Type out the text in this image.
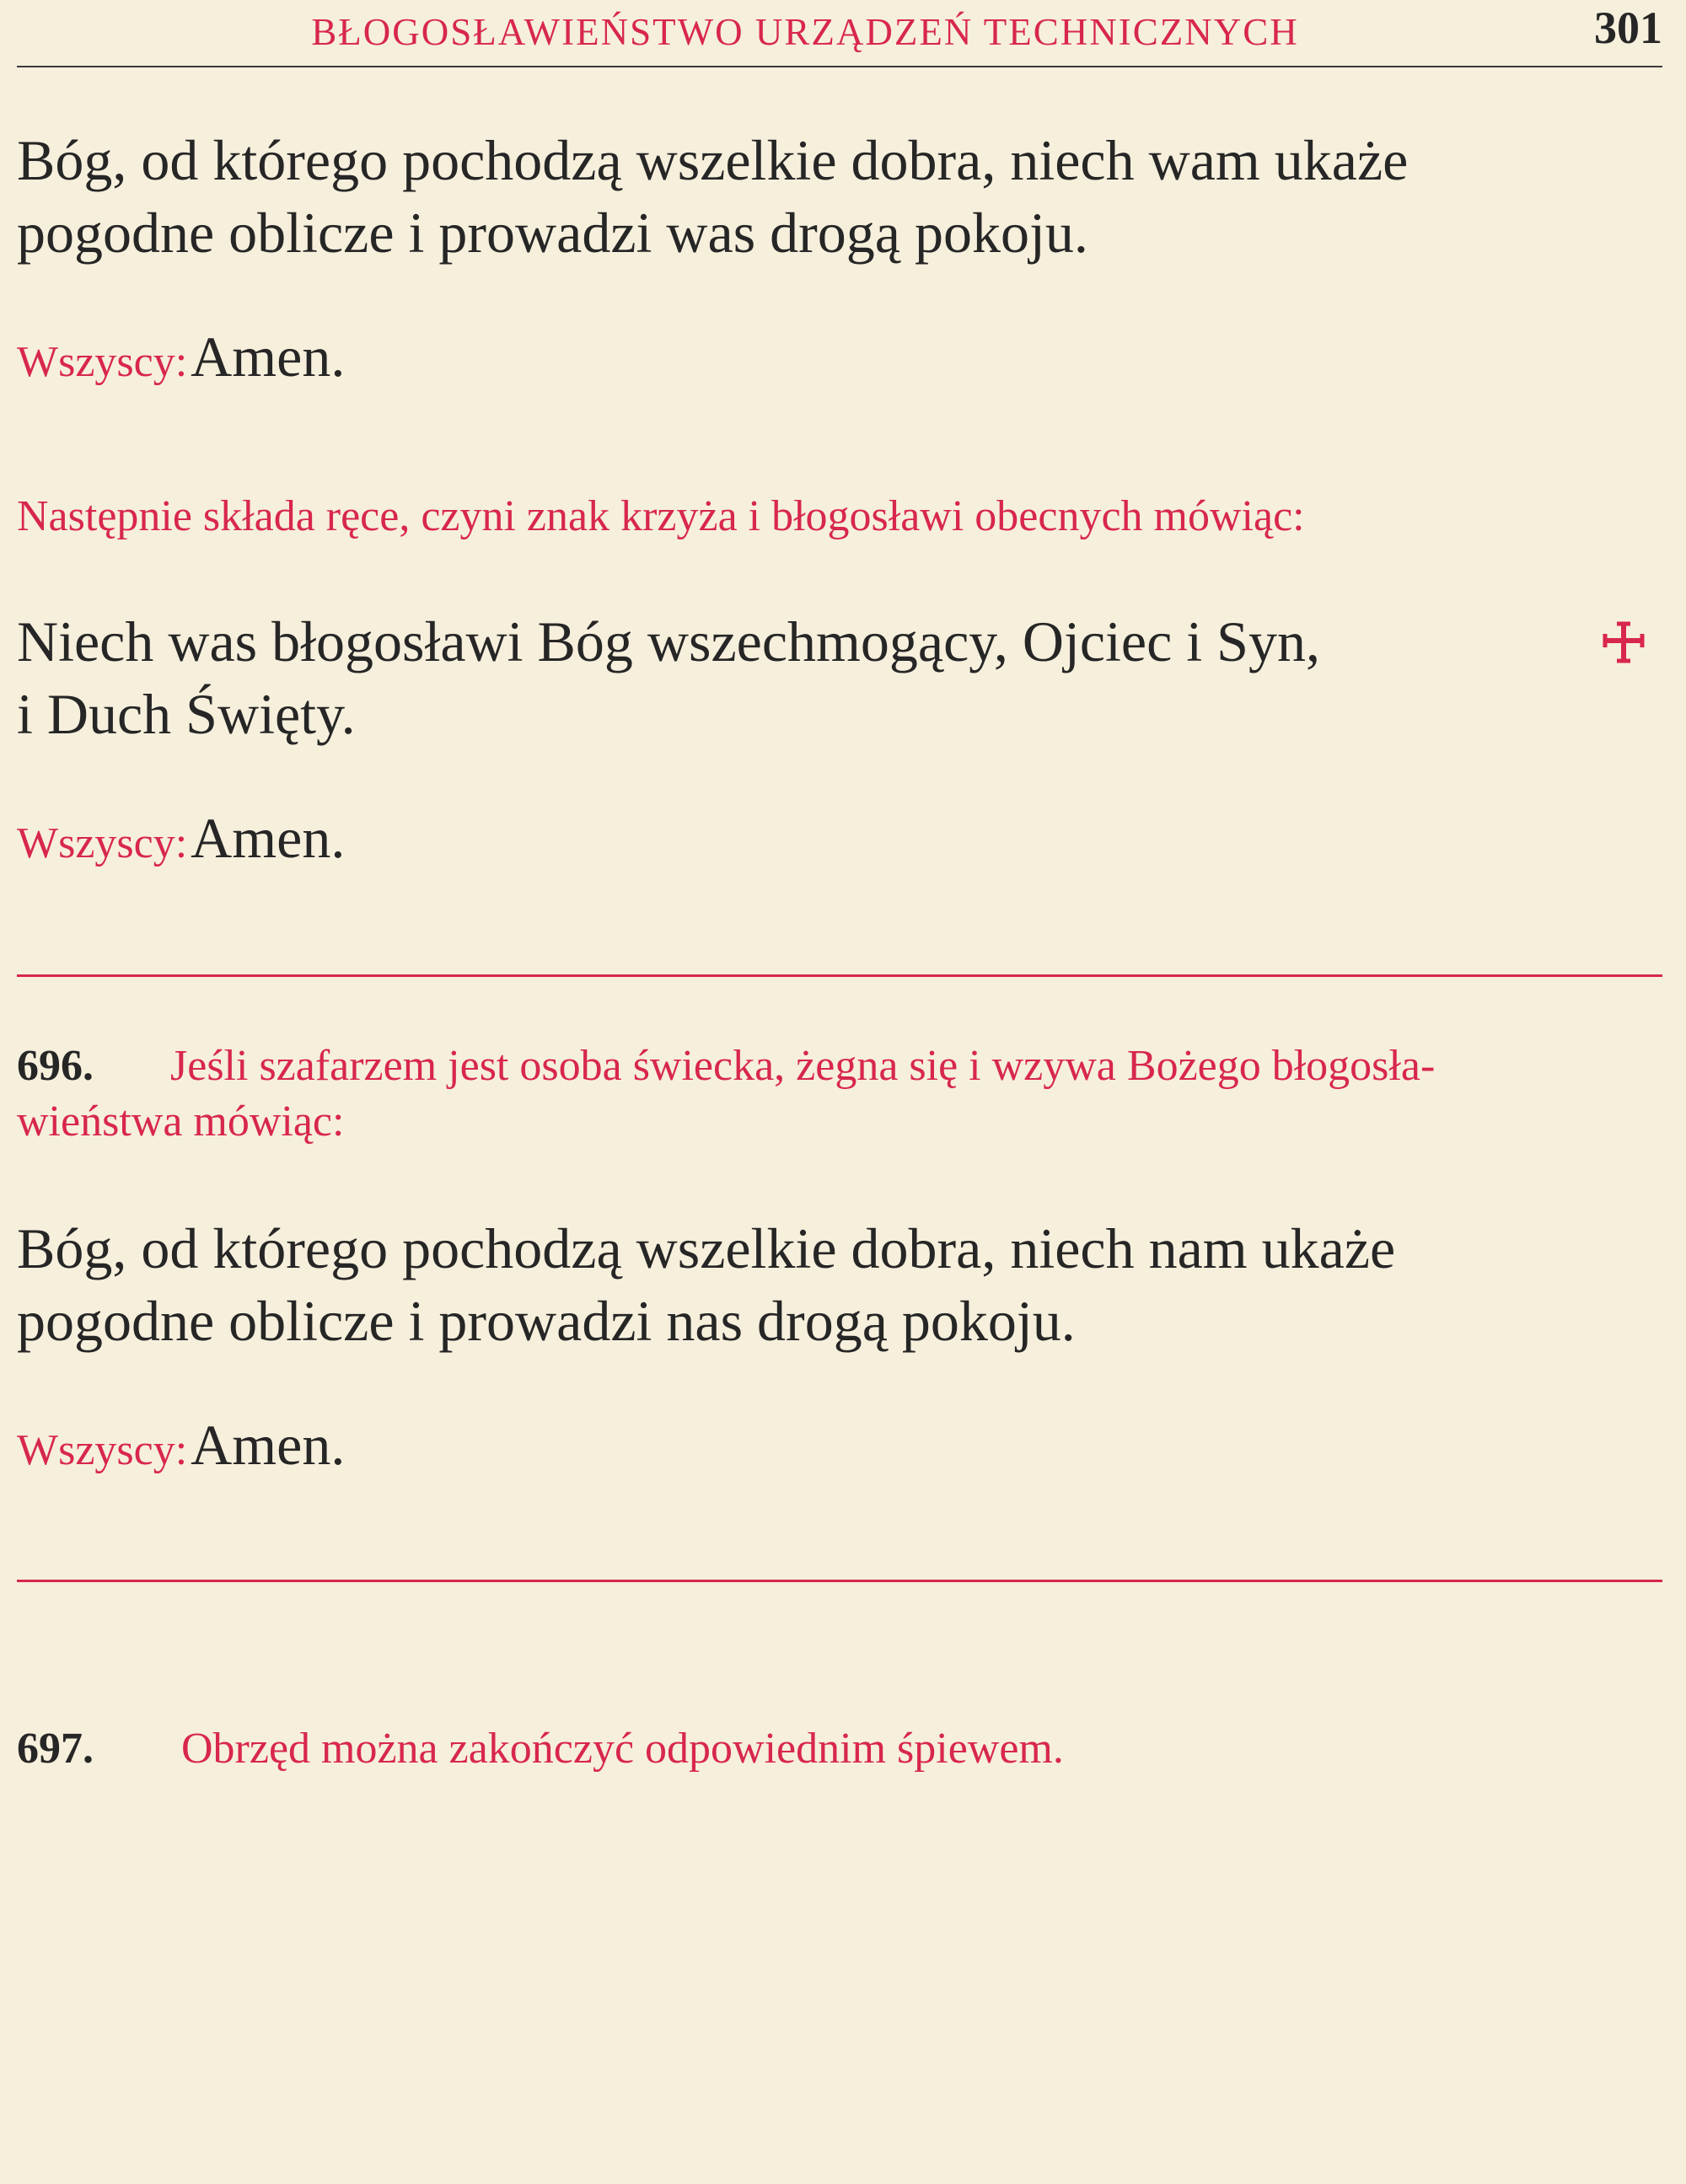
BŁOGOSŁAWIEŃSTWO URZĄDZEŃ TECHNICZNYCH	301
Bóg, od którego pochodzą wszelkie dobra, niech wam ukaże
pogodne oblicze i prowadzi was drogą pokoju.
Wszyscy: Amen.
Następnie składa ręce, czyni znak krzyża i błogosławi obecnych mówiąc:
Niech was błogosławi Bóg wszechmogący, Ojciec i Syn,
i Duch Święty.
Wszyscy: Amen.
696. Jeśli szafarzem jest osoba świecka, żegna się i wzywa Bożego błogosła-
wieństwa mówiąc:
Bóg, od którego pochodzą wszelkie dobra, niech nam ukaże
pogodne oblicze i prowadzi nas drogą pokoju.
Wszyscy: Amen.
697. Obrzęd można zakończyć odpowiednim śpiewem.
